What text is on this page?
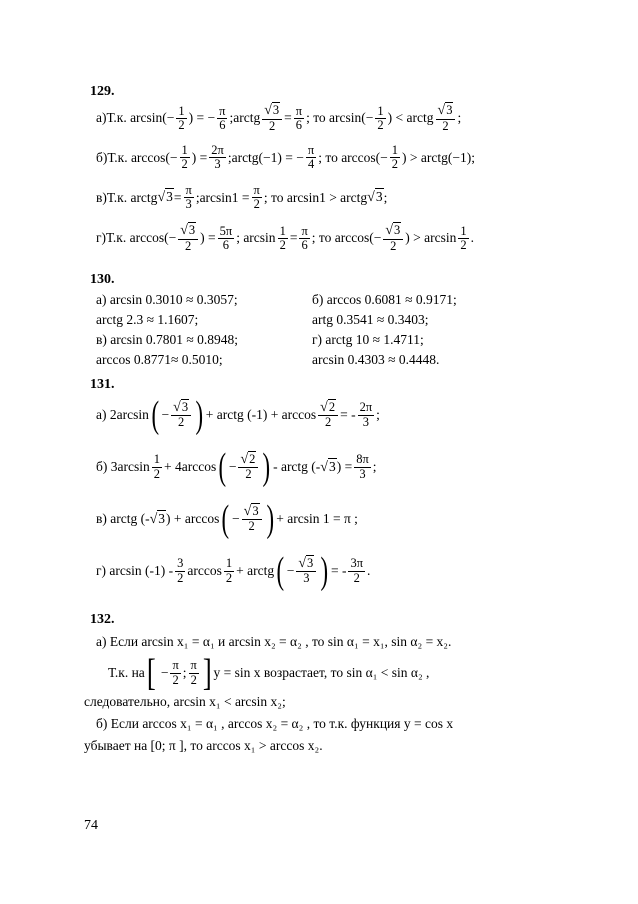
129.
а)Т.к. $\arcsin(- \frac{1}{2}$ ) = − $\frac{\pi}{6}$ ;arctg $\frac{√3}{2} = \frac{\pi}{6}$ ; то $\arcsin(- \frac{1}{2}$ ) < arctg $\frac{√3}{2}$ ;
б)Т.к. $\arccos(- \frac{1}{2}$ ) = $\frac{2\pi}{3}$ ;arctg(−1) = − $\frac{\pi}{4}$ ; то $\arccos(- \frac{1}{2}$ ) > arctg(−1);
в)Т.к. arctg $√3 = \frac{\pi}{3}$ ;arcsin1 = $\frac{\pi}{2}$ ; то arcsin1 > arctg √3 ;
г)Т.к. $\arccos(- \frac{√3}{2}$ ) = $\frac{5\pi}{6}$ ; $\arcsin \frac{1}{2} = \frac{\pi}{6}$ ; то $\arccos(- \frac{√3}{2}$ ) > $\arcsin \frac{1}{2}$ .
130.
а) arcsin 0.3010 ≈ 0.3057;	б) arccos 0.6081 ≈ 0.9171;
arctg 2.3 ≈ 1.1607;	artg 0.3541 ≈ 0.3403;
в) arcsin 0.7801 ≈ 0.8948;	г) arctg 10 ≈ 1.4711;
arccos 0.8771≈ 0.5010;	arcsin 0.4303 ≈ 0.4448.
131.
а) 2arcsin ( − $\frac{√3}{2}$ ) + arctg $(-1) + \arccos \frac{√2}{2}$ = - $\frac{2\pi}{3}$ ;
б) $3\arcsin \frac{1}{2} + 4\arccos$ ( − $\frac{√2}{2}$ ) - arctg (- √3 ) = $\frac{8\pi}{3}$ ;
в) arctg (- √3 ) + arccos ( − $\frac{√3}{2}$ ) + arcsin 1 = π ;
г) $\arcsin (-1) - \frac{3}{2}$ $\arccos \frac{1}{2}$ + arctg ( − $\frac{√3}{3}$ ) = - $\frac{3\pi}{2}$ .
132.
а) Если arcsin x₁ = α₁ и arcsin x₂ = α₂ , то sin α₁ = x₁, sin α₂ = x₂.
Т.к. на [ − $\frac{\pi}{2}$ ; $\frac{\pi}{2}$ ] y = sin x возрастает, то sin α₁ < sin α₂ ,
следовательно, arcsin x₁ < arcsin x₂;
б) Если arccos x₁ = α₁ , arccos x₂ = α₂ , то т.к. функция y = cos x
убывает на [0; π ], то arccos x₁ > arccos x₂.
74
